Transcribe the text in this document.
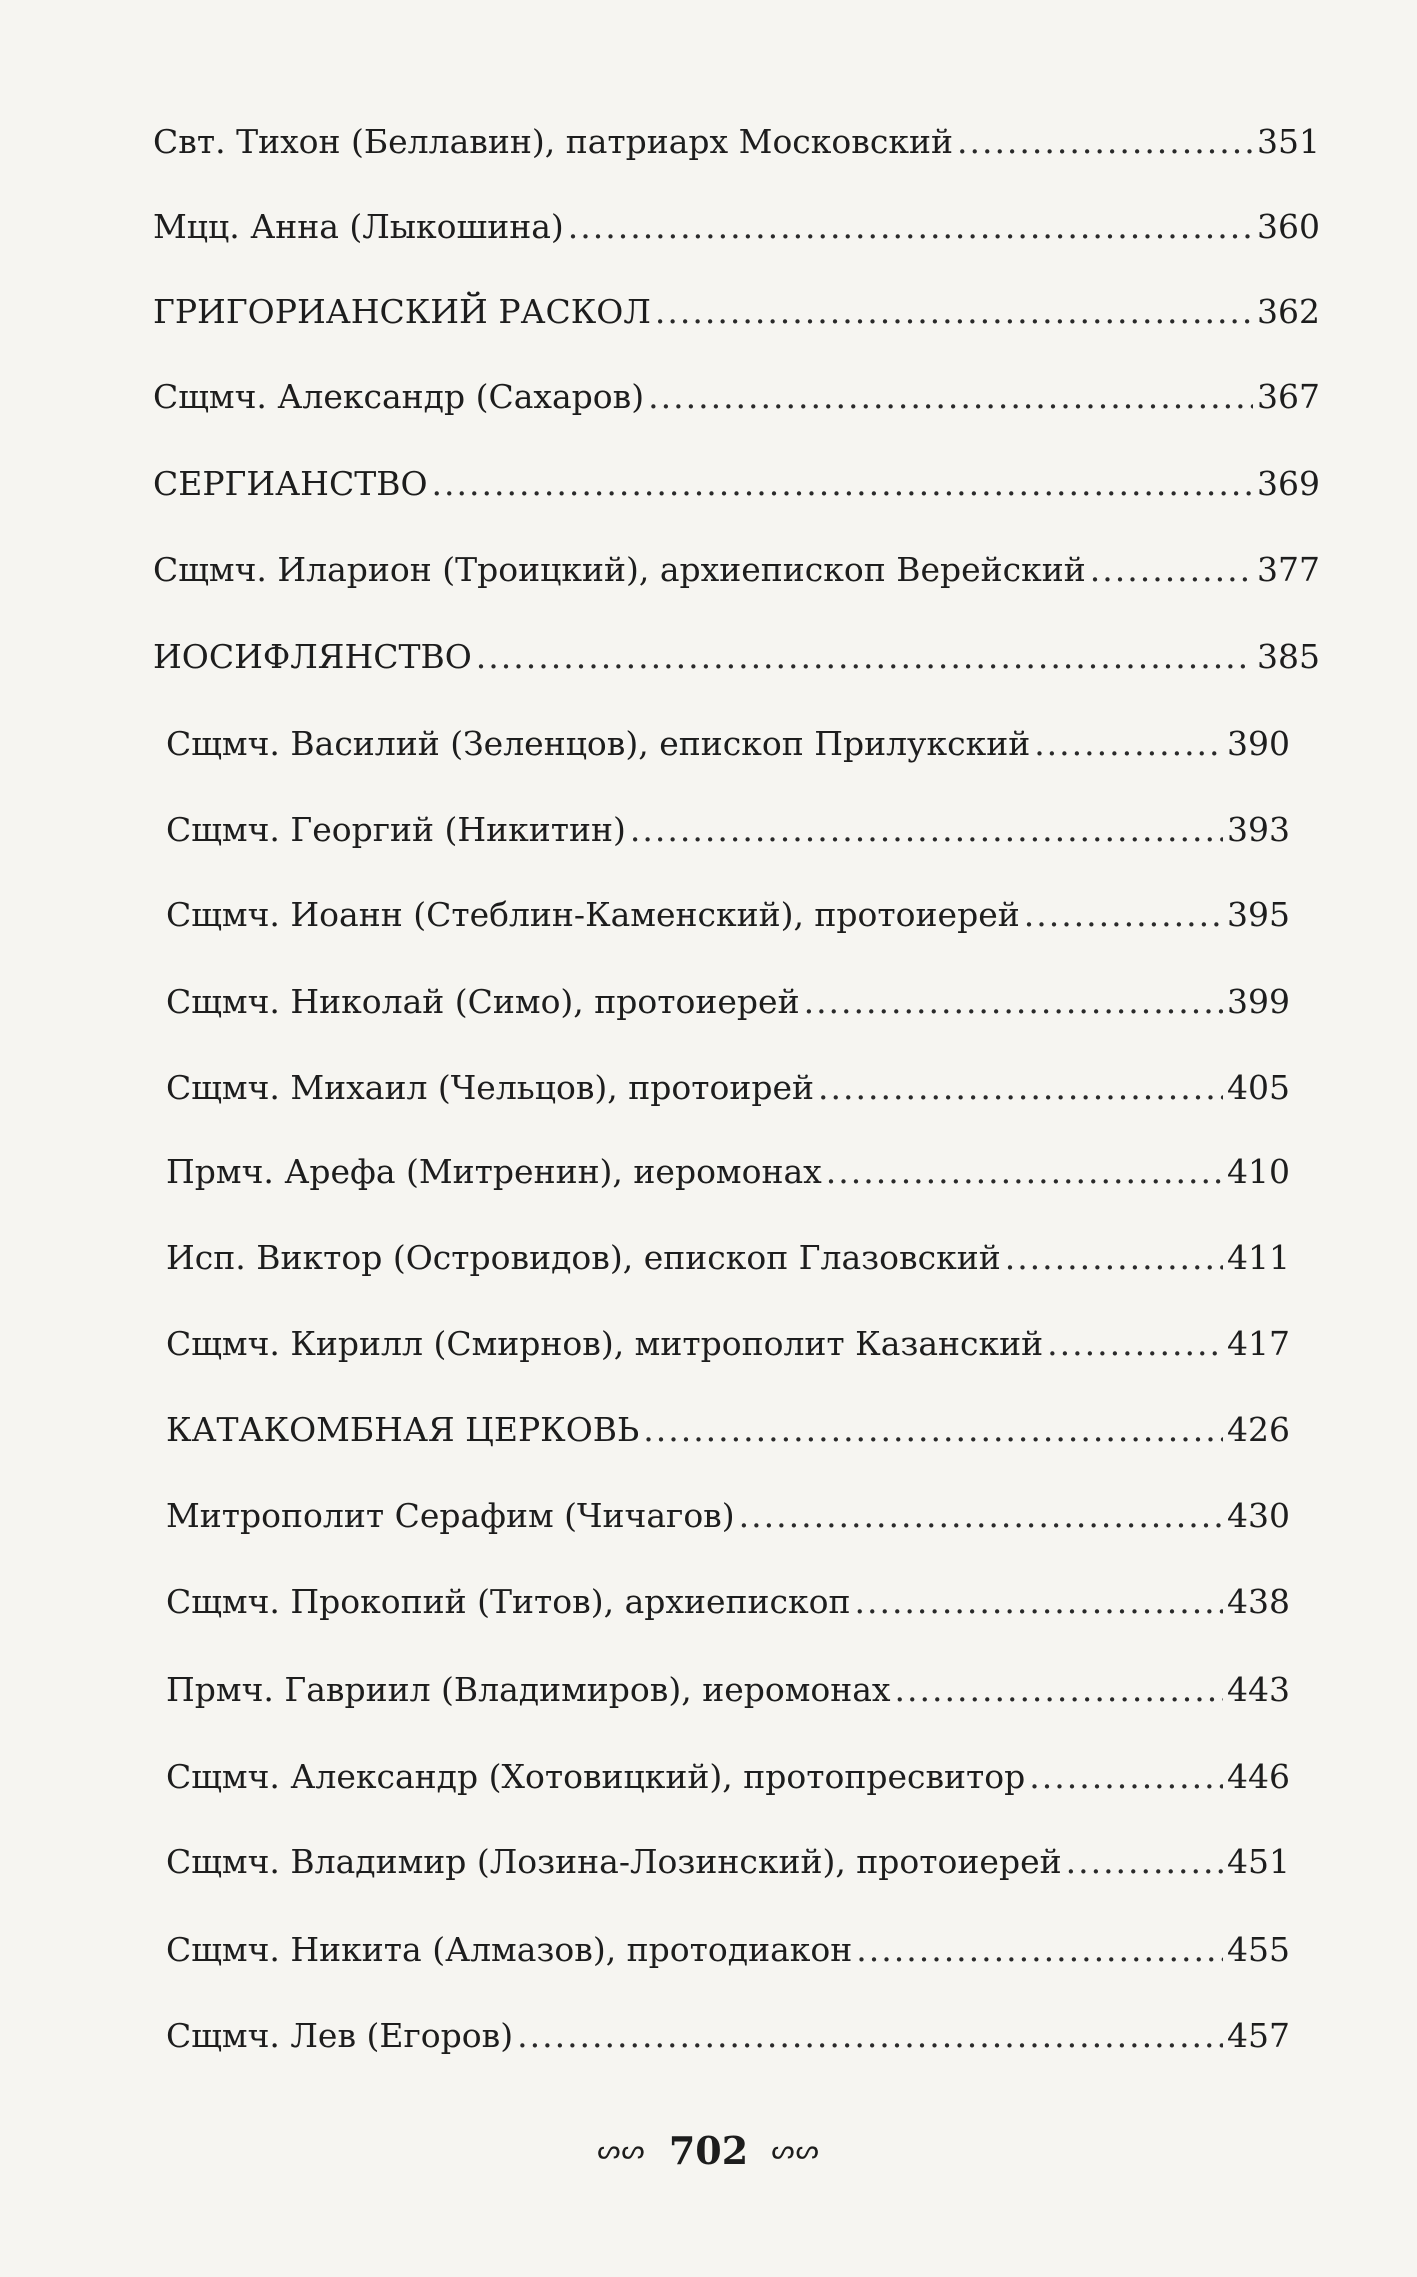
Свт. Тихон (Беллавин), патриарх Московский .....	351
Мцц. Анна (Лыкошина) .....	360
ГРИГОРИАНСКИЙ РАСКОЛ .....	362
Сщмч. Александр (Сахаров) .....	367
СЕРГИАНСТВО .....	369
Сщмч. Иларион (Троицкий), архиепископ Верейский .....	377
ИОСИФЛЯНСТВО .....	385
Сщмч. Василий (Зеленцов), епископ Прилукский .....	390
Сщмч. Георгий (Никитин) .....	393
Сщмч. Иоанн (Стеблин-Каменский), протоиерей .....	395
Сщмч. Николай (Симо), протоиерей .....	399
Сщмч. Михаил (Чельцов), протоирей .....	405
Прмч. Арефа (Митренин), иеромонах .....	410
Исп. Виктор (Островидов), епископ Глазовский .....	411
Сщмч. Кирилл (Смирнов), митрополит Казанский .....	417
КАТАКОМБНАЯ ЦЕРКОВЬ .....	426
Митрополит Серафим (Чичагов) .....	430
Сщмч. Прокопий (Титов), архиепископ .....	438
Прмч. Гавриил (Владимиров), иеромонах .....	443
Сщмч. Александр (Хотовицкий), протопресвитор .....	446
Сщмч. Владимир (Лозина-Лозинский), протоиерей .....	451
Сщмч. Никита (Алмазов), протодиакон .....	455
Сщмч. Лев (Егоров) .....	457
ᔕᔕ 702 ᔕᔕ
